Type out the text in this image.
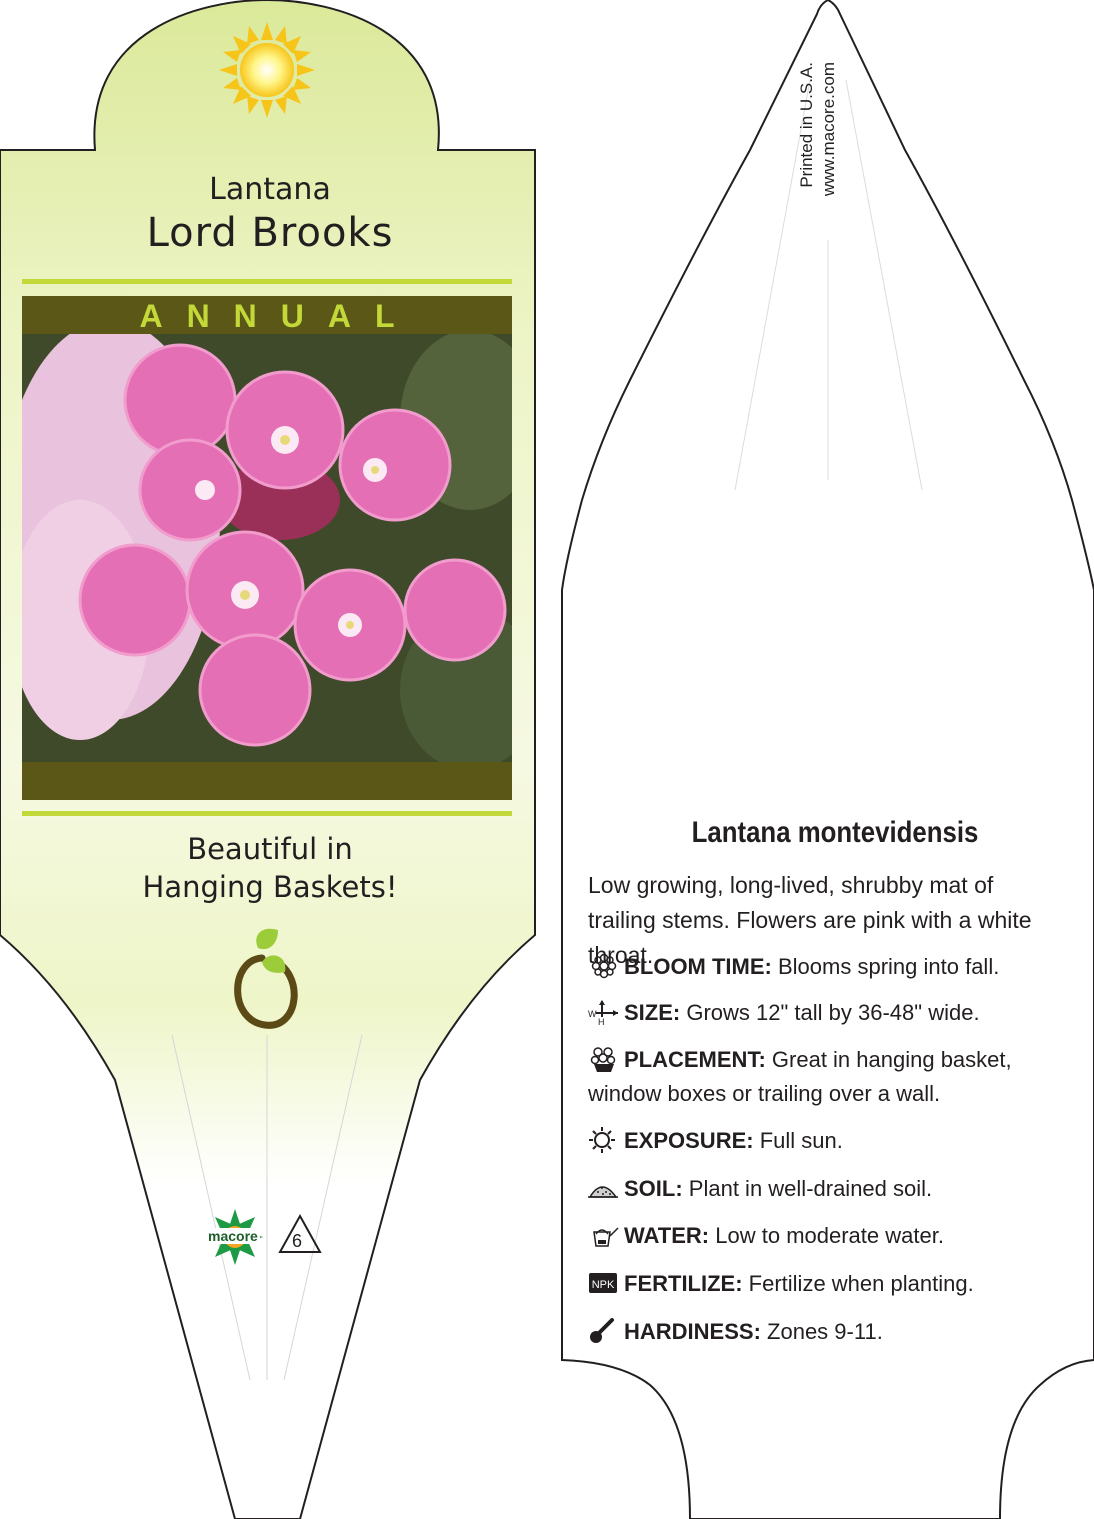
Lantana
Lord Brooks
ANNUAL
Beautiful in
Hanging Baskets!
macore 6
Printed in U.S.A. www.macore.com
Lantana montevidensis
Low growing, long-lived, shrubby mat of trailing stems. Flowers are pink with a white throat.
BLOOM TIME: Blooms spring into fall.
W
H SIZE: Grows 12" tall by 36-48" wide.
PLACEMENT: Great in hanging basket, window boxes or trailing over a wall.
EXPOSURE: Full sun.
SOIL: Plant in well-drained soil.
WATER: Low to moderate water.
NPK FERTILIZE: Fertilize when planting.
HARDINESS: Zones 9-11.
